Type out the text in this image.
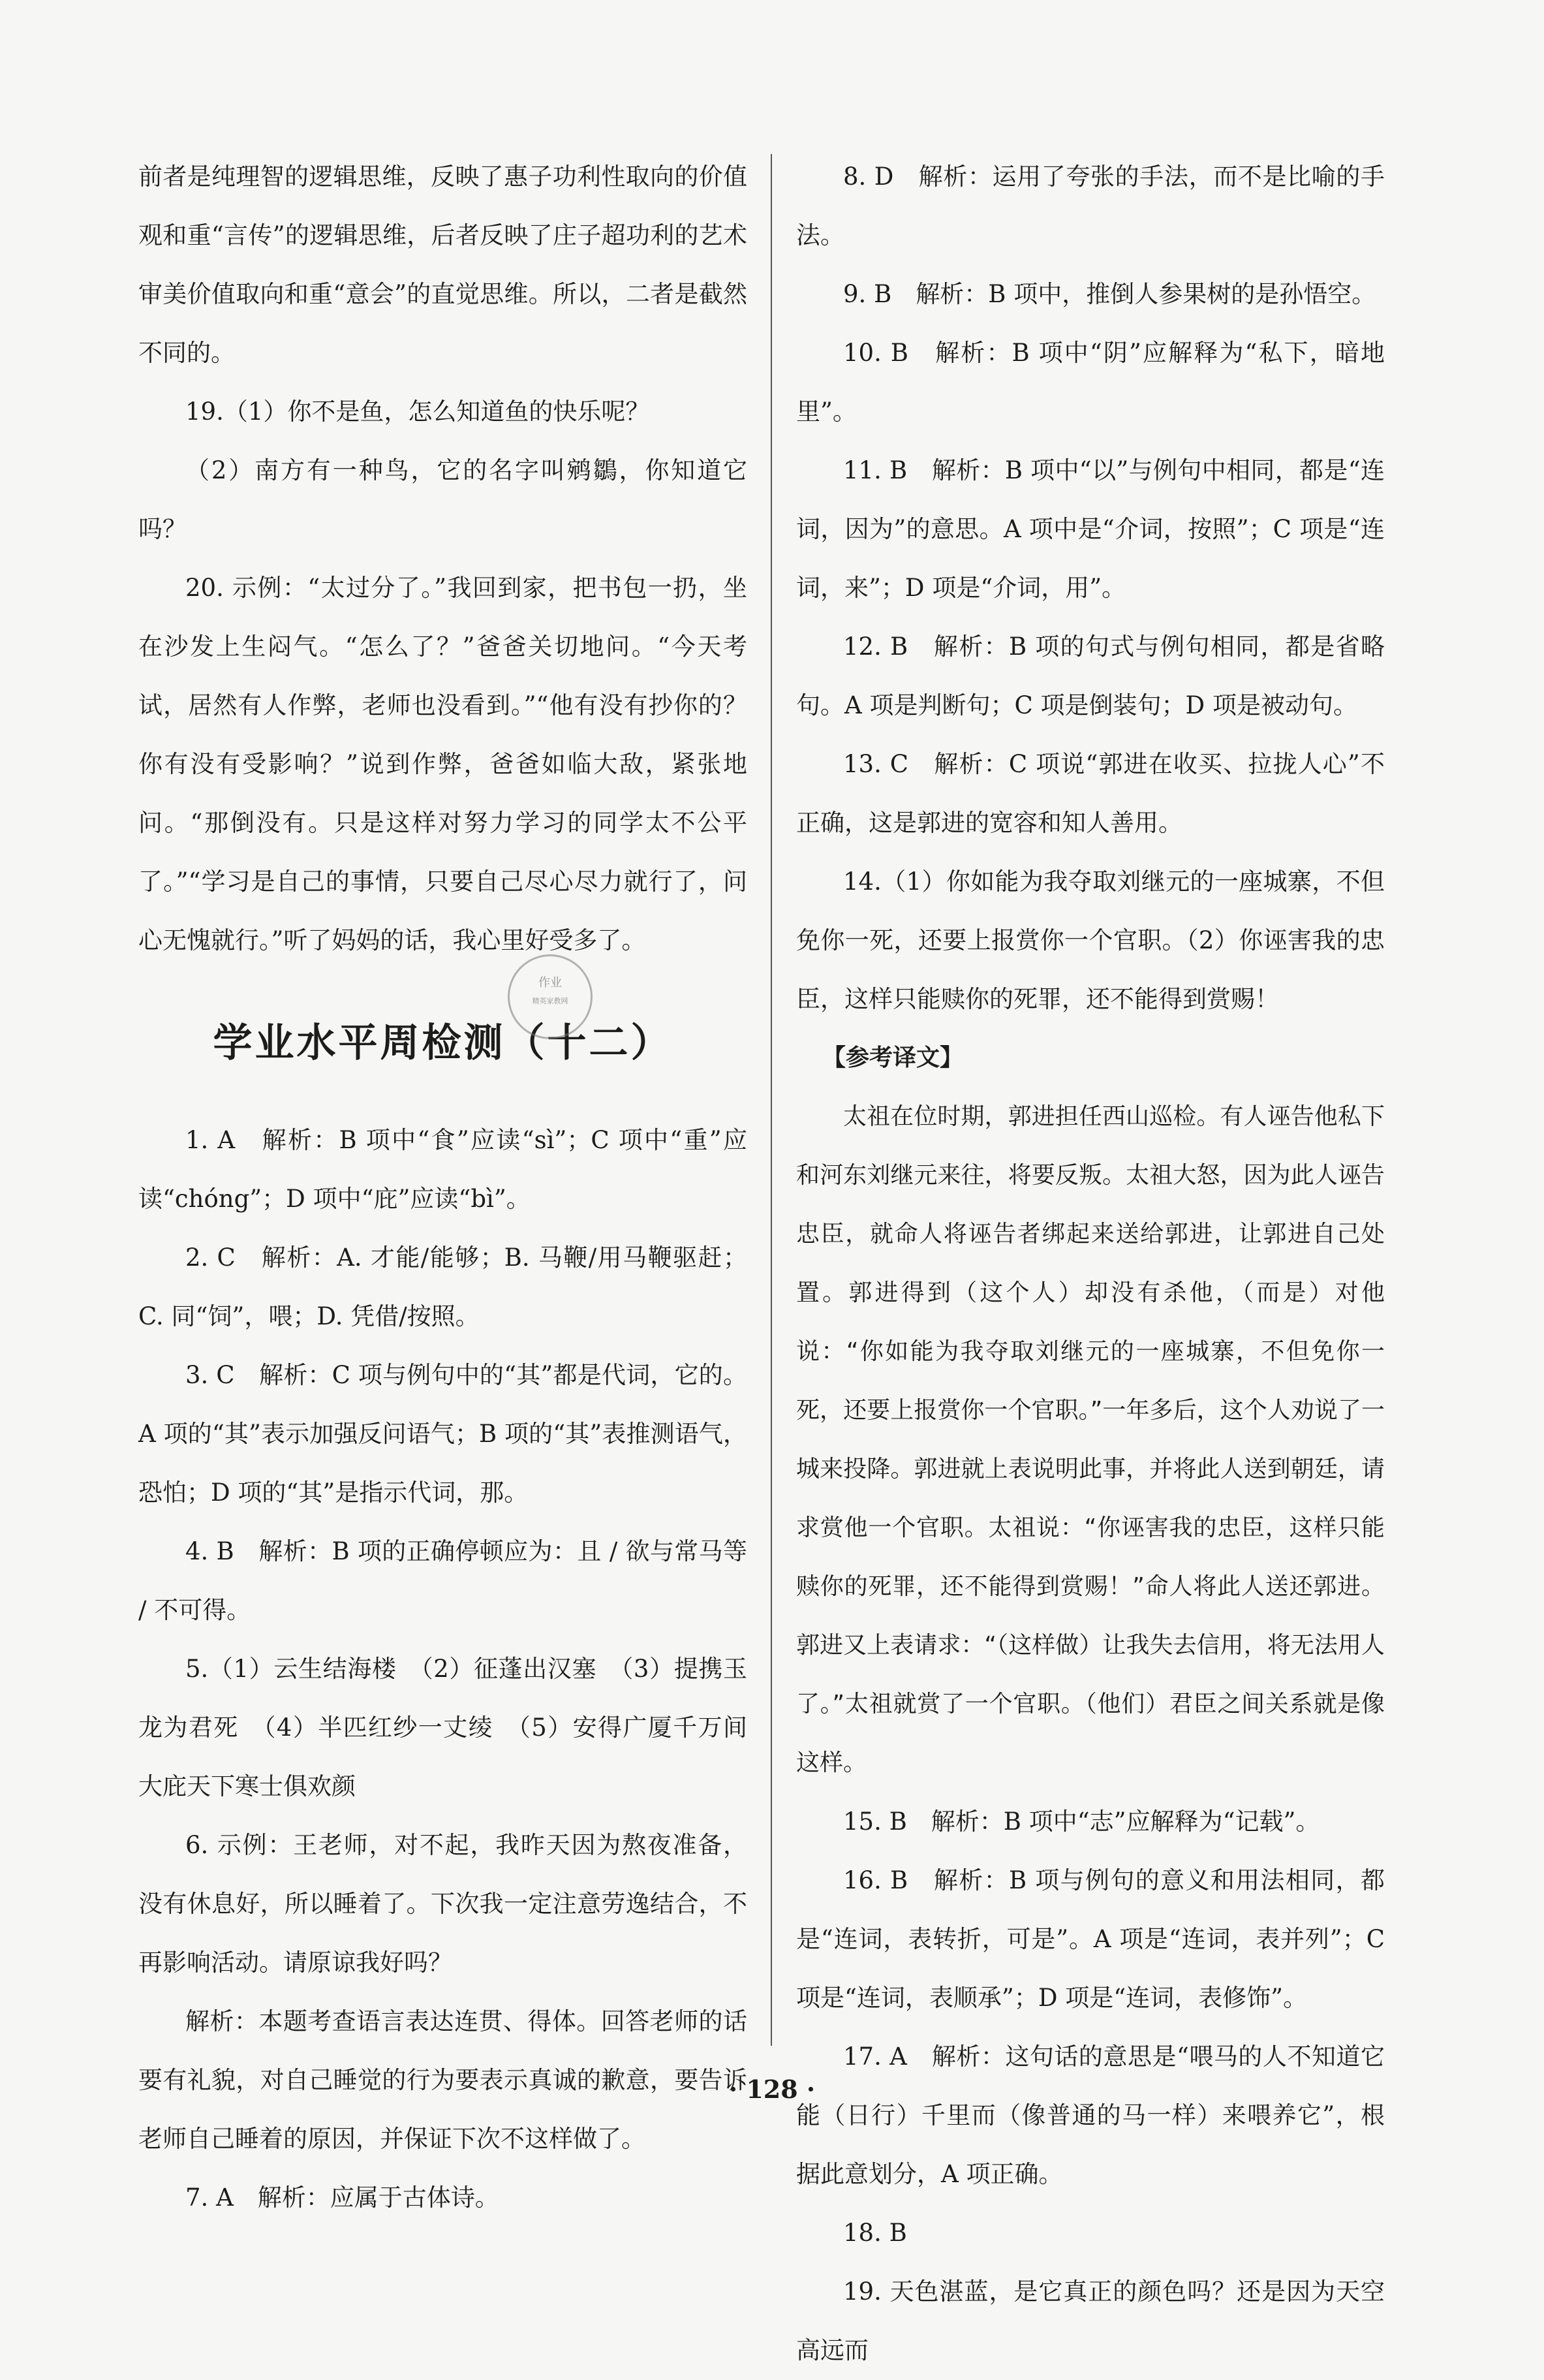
前者是纯理智的逻辑思维，反映了惠子功利性取向的价值观和重“言传”的逻辑思维，后者反映了庄子超功利的艺术审美价值取向和重“意会”的直觉思维。所以，二者是截然不同的。

19.（1）你不是鱼，怎么知道鱼的快乐呢？

（2）南方有一种鸟，它的名字叫鹓鶵，你知道它吗？

20. 示例：“太过分了。”我回到家，把书包一扔，坐在沙发上生闷气。“怎么了？”爸爸关切地问。“今天考试，居然有人作弊，老师也没看到。”“他有没有抄你的？你有没有受影响？”说到作弊，爸爸如临大敌，紧张地问。“那倒没有。只是这样对努力学习的同学太不公平了。”“学习是自己的事情，只要自己尽心尽力就行了，问心无愧就行。”听了妈妈的话，我心里好受多了。

学业水平周检测（十二）

1. A　解析：B 项中“食”应读“sì”；C 项中“重”应读“chóng”；D 项中“庇”应读“bì”。

2. C　解析：A. 才能/能够；B. 马鞭/用马鞭驱赶；C. 同“饲”，喂；D. 凭借/按照。

3. C　解析：C 项与例句中的“其”都是代词，它的。A 项的“其”表示加强反问语气；B 项的“其”表推测语气，恐怕；D 项的“其”是指示代词，那。

4. B　解析：B 项的正确停顿应为：且 / 欲与常马等 / 不可得。

5.（1）云生结海楼　（2）征蓬出汉塞　（3）提携玉龙为君死　（4）半匹红纱一丈绫　（5）安得广厦千万间　大庇天下寒士俱欢颜

6. 示例：王老师，对不起，我昨天因为熬夜准备，没有休息好，所以睡着了。下次我一定注意劳逸结合，不再影响活动。请原谅我好吗？

解析：本题考查语言表达连贯、得体。回答老师的话要有礼貌，对自己睡觉的行为要表示真诚的歉意，要告诉老师自己睡着的原因，并保证下次不这样做了。

7. A　解析：应属于古体诗。

8. D　解析：运用了夸张的手法，而不是比喻的手法。

9. B　解析：B 项中，推倒人参果树的是孙悟空。

10. B　解析：B 项中“阴”应解释为“私下，暗地里”。

11. B　解析：B 项中“以”与例句中相同，都是“连词，因为”的意思。A 项中是“介词，按照”；C 项是“连词，来”；D 项是“介词，用”。

12. B　解析：B 项的句式与例句相同，都是省略句。A 项是判断句；C 项是倒装句；D 项是被动句。

13. C　解析：C 项说“郭进在收买、拉拢人心”不正确，这是郭进的宽容和知人善用。

14.（1）你如能为我夺取刘继元的一座城寨，不但免你一死，还要上报赏你一个官职。（2）你诬害我的忠臣，这样只能赎你的死罪，还不能得到赏赐！

【参考译文】

太祖在位时期，郭进担任西山巡检。有人诬告他私下和河东刘继元来往，将要反叛。太祖大怒，因为此人诬告忠臣，就命人将诬告者绑起来送给郭进，让郭进自己处置。郭进得到（这个人）却没有杀他，（而是）对他说：“你如能为我夺取刘继元的一座城寨，不但免你一死，还要上报赏你一个官职。”一年多后，这个人劝说了一城来投降。郭进就上表说明此事，并将此人送到朝廷，请求赏他一个官职。太祖说：“你诬害我的忠臣，这样只能赎你的死罪，还不能得到赏赐！”命人将此人送还郭进。郭进又上表请求：“（这样做）让我失去信用，将无法用人了。”太祖就赏了一个官职。（他们）君臣之间关系就是像这样。

15. B　解析：B 项中“志”应解释为“记载”。

16. B　解析：B 项与例句的意义和用法相同，都是“连词，表转折，可是”。A 项是“连词，表并列”；C 项是“连词，表顺承”；D 项是“连词，表修饰”。

17. A　解析：这句话的意思是“喂马的人不知道它能（日行）千里而（像普通的马一样）来喂养它”，根据此意划分，A 项正确。

18. B

19. 天色湛蓝，是它真正的颜色吗？还是因为天空高远而

作业
精英家教网
· 128 ·
